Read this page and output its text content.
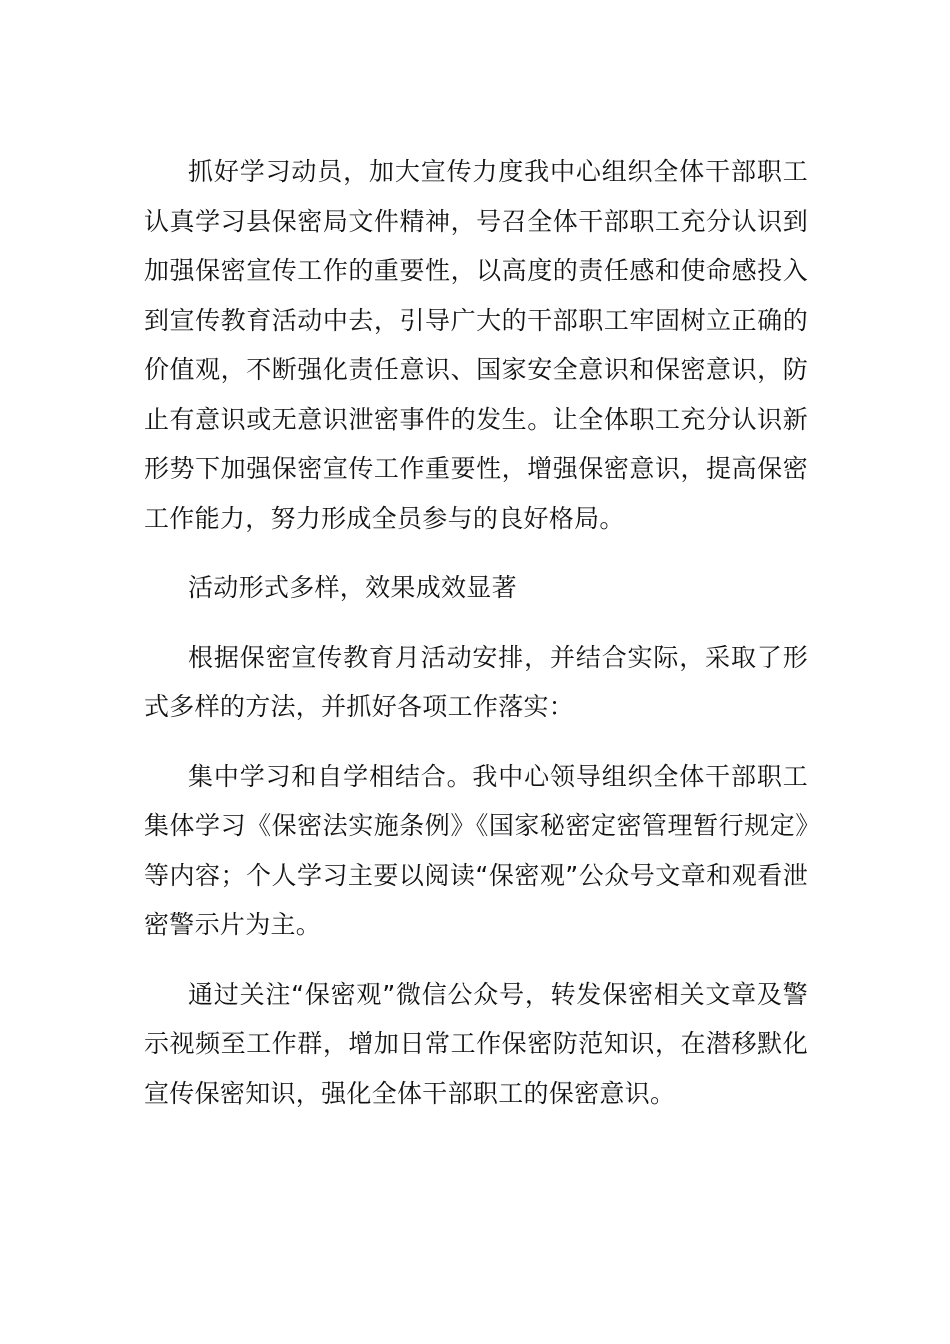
抓好学习动员，加大宣传力度我中心组织全体干部职工认真学习县保密局文件精神，号召全体干部职工充分认识到加强保密宣传工作的重要性，以高度的责任感和使命感投入到宣传教育活动中去，引导广大的干部职工牢固树立正确的价值观，不断强化责任意识、国家安全意识和保密意识，防止有意识或无意识泄密事件的发生。让全体职工充分认识新形势下加强保密宣传工作重要性，增强保密意识，提高保密工作能力，努力形成全员参与的良好格局。

活动形式多样，效果成效显著

根据保密宣传教育月活动安排，并结合实际，采取了形式多样的方法，并抓好各项工作落实：

集中学习和自学相结合。我中心领导组织全体干部职工集体学习《保密法实施条例》《国家秘密定密管理暂行规定》等内容；个人学习主要以阅读“保密观”公众号文章和观看泄密警示片为主。

通过关注“保密观”微信公众号，转发保密相关文章及警示视频至工作群，增加日常工作保密防范知识，在潜移默化宣传保密知识，强化全体干部职工的保密意识。
